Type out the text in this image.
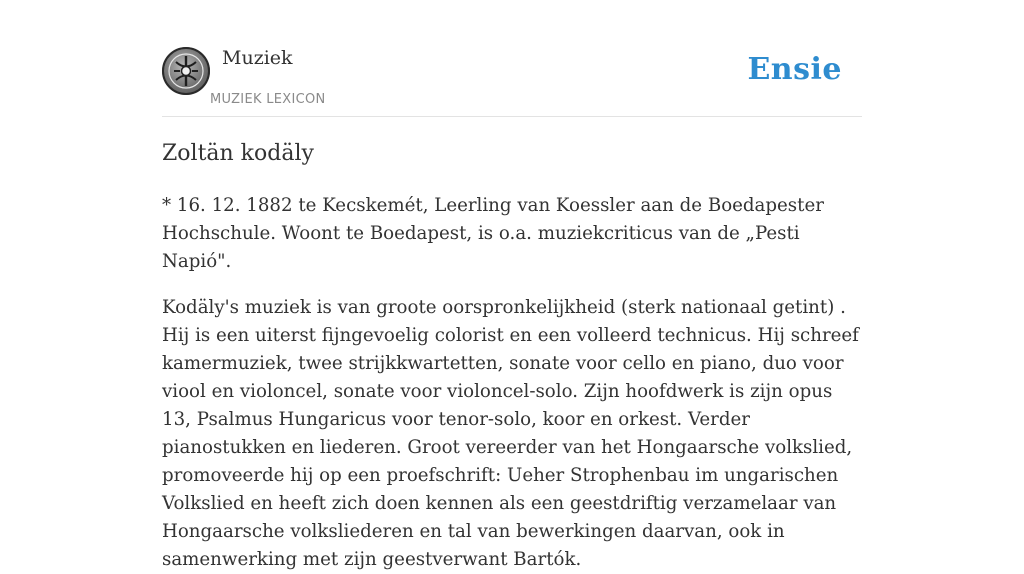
Muziek
MUZIEK LEXICON
Ensie
Zoltän kodäly

* 16. 12. 1882 te Kecskemét, Leerling van Koessler aan de Boedapester Hochschule. Woont te Boedapest, is o.a. muziekcriticus van de „Pesti Napió".

Kodäly's muziek is van groote oorspronkelijkheid (sterk nationaal getint) . Hij is een uiterst fijngevoelig colorist en een volleerd technicus. Hij schreef kamermuziek, twee strijkkwartetten, sonate voor cello en piano, duo voor viool en violoncel, sonate voor violoncel-solo. Zijn hoofdwerk is zijn opus 13, Psalmus Hungaricus voor tenor-solo, koor en orkest. Verder pianostukken en liederen. Groot vereerder van het Hongaarsche volkslied, promoveerde hij op een proefschrift: Ueher Strophenbau im ungarischen Volkslied en heeft zich doen kennen als een geestdriftig verzamelaar van Hongaarsche volksliederen en tal van bewerkingen daarvan, ook in samenwerking met zijn geestverwant Bartók.
